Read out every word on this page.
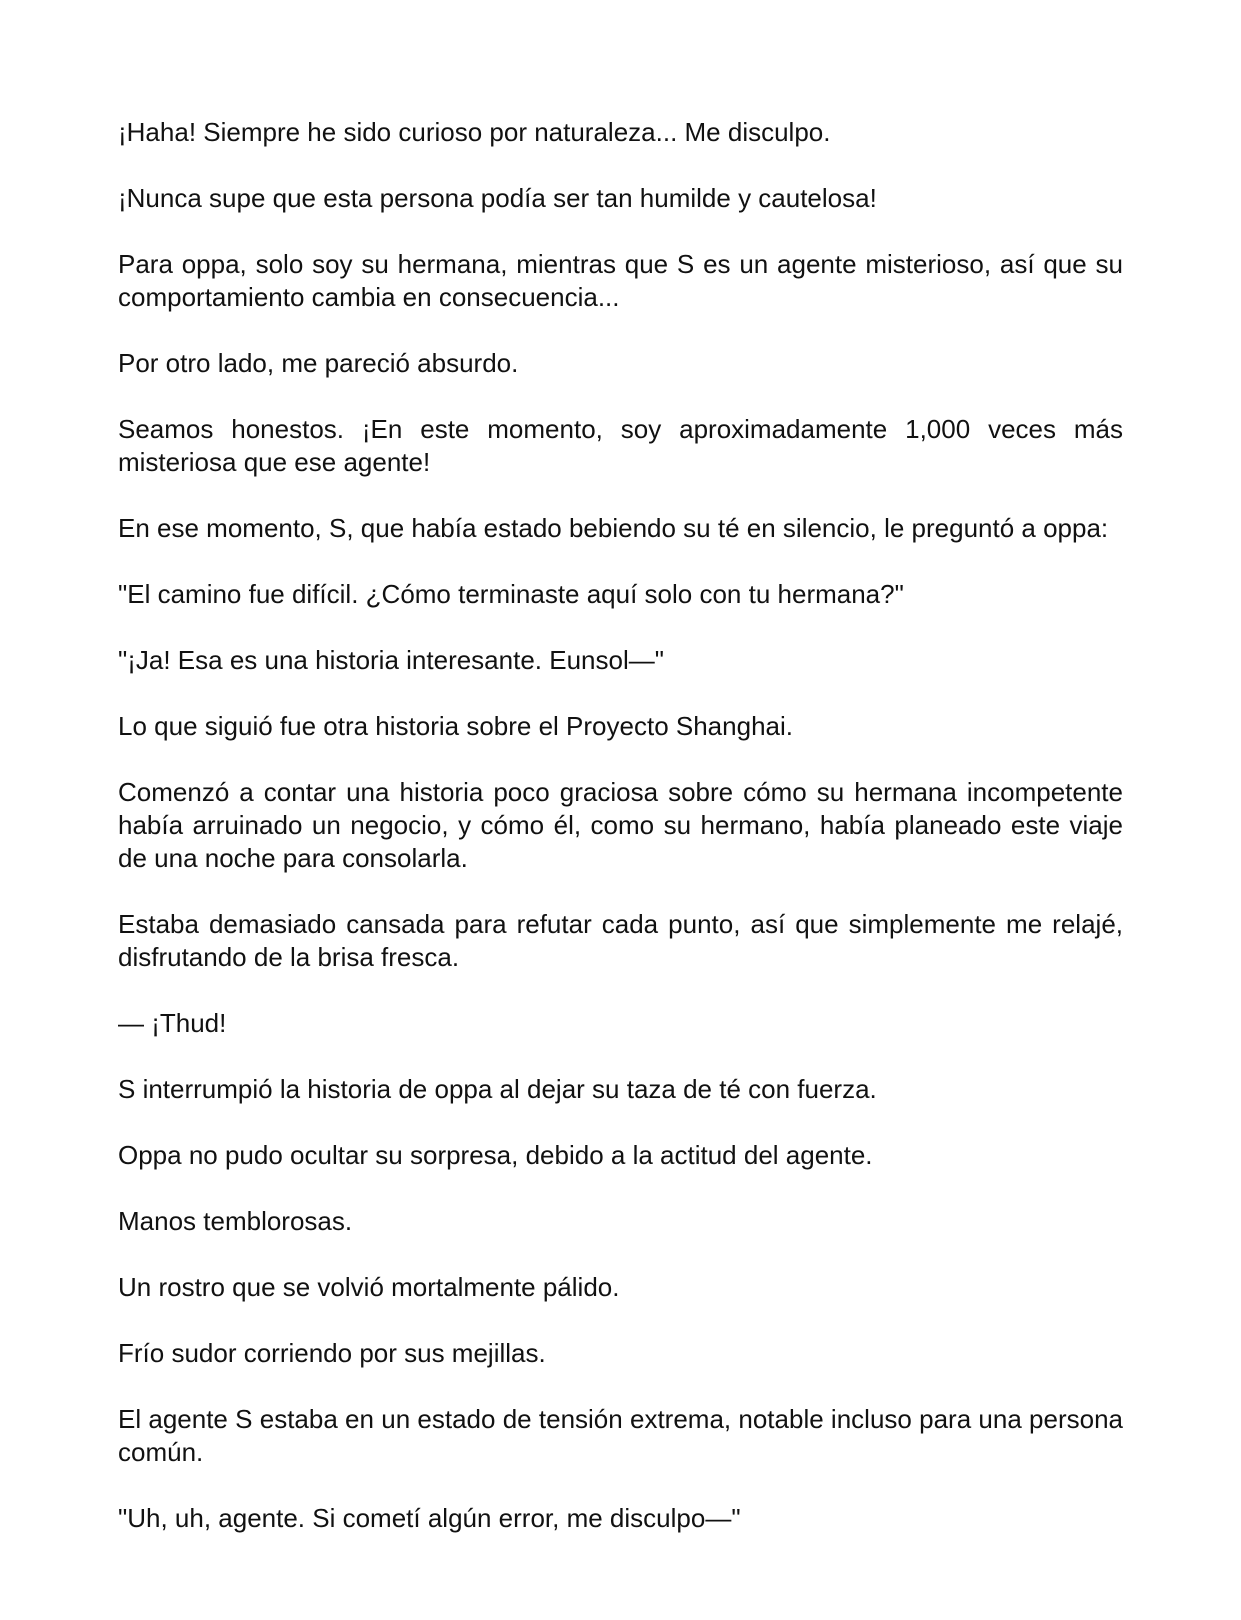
¡Haha! Siempre he sido curioso por naturaleza... Me disculpo.

¡Nunca supe que esta persona podía ser tan humilde y cautelosa!

Para oppa, solo soy su hermana, mientras que S es un agente misterioso, así que su comportamiento cambia en consecuencia...

Por otro lado, me pareció absurdo.

Seamos honestos. ¡En este momento, soy aproximadamente 1,000 veces más misteriosa que ese agente!

En ese momento, S, que había estado bebiendo su té en silencio, le preguntó a oppa:

"El camino fue difícil. ¿Cómo terminaste aquí solo con tu hermana?"

"¡Ja! Esa es una historia interesante. Eunsol—"

Lo que siguió fue otra historia sobre el Proyecto Shanghai.

Comenzó a contar una historia poco graciosa sobre cómo su hermana incompetente había arruinado un negocio, y cómo él, como su hermano, había planeado este viaje de una noche para consolarla.

Estaba demasiado cansada para refutar cada punto, así que simplemente me relajé, disfrutando de la brisa fresca.

— ¡Thud!

S interrumpió la historia de oppa al dejar su taza de té con fuerza.

Oppa no pudo ocultar su sorpresa, debido a la actitud del agente.

Manos temblorosas.

Un rostro que se volvió mortalmente pálido.

Frío sudor corriendo por sus mejillas.

El agente S estaba en un estado de tensión extrema, notable incluso para una persona común.

"Uh, uh, agente. Si cometí algún error, me disculpo—"
